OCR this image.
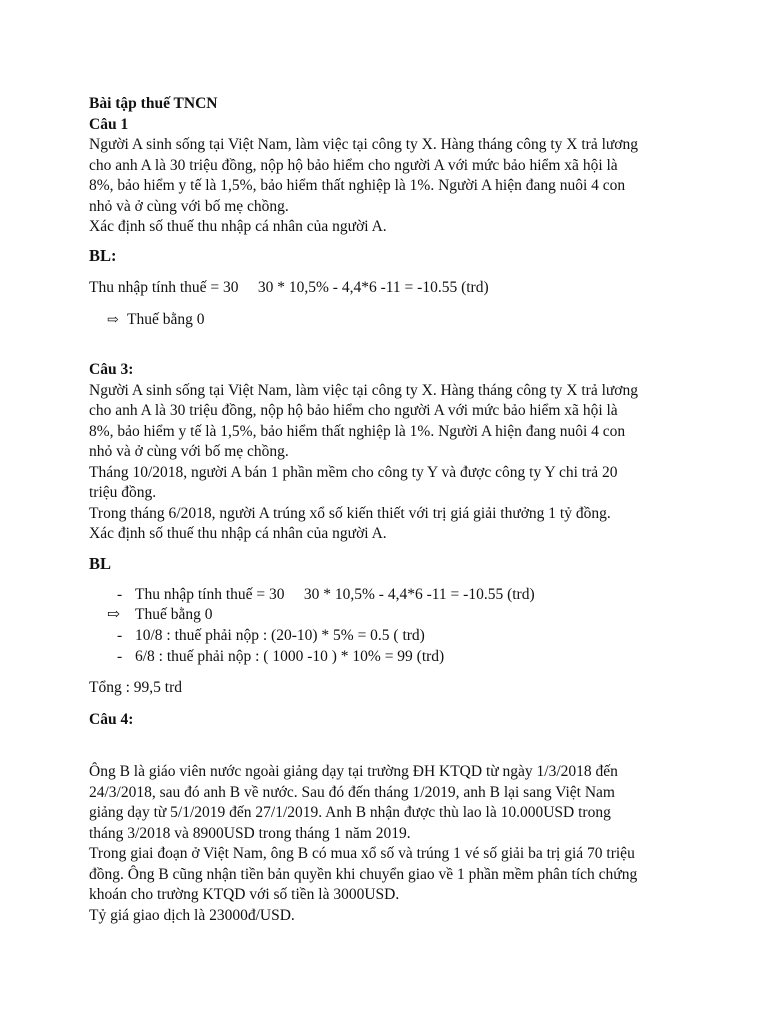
Bài tập thuế TNCN
Câu 1
Người A sinh sống tại Việt Nam, làm việc tại công ty X. Hàng tháng công ty X trả lương
cho anh A là 30 triệu đồng, nộp hộ bảo hiểm cho người A với mức bảo hiểm xã hội là
8%, bảo hiểm y tế là 1,5%, bảo hiểm thất nghiệp là 1%. Người A hiện đang nuôi 4 con
nhỏ và ở cùng với bố mẹ chồng.
Xác định số thuế thu nhập cá nhân của người A.
BL:
Thu nhập tính thuế = 30     30 * 10,5% - 4,4*6 -11 = -10.55 (trd)
⇨ Thuế bằng 0
Câu 3:
Người A sinh sống tại Việt Nam, làm việc tại công ty X. Hàng tháng công ty X trả lương
cho anh A là 30 triệu đồng, nộp hộ bảo hiểm cho người A với mức bảo hiểm xã hội là
8%, bảo hiểm y tế là 1,5%, bảo hiểm thất nghiệp là 1%. Người A hiện đang nuôi 4 con
nhỏ và ở cùng với bố mẹ chồng.
Tháng 10/2018, người A bán 1 phần mềm cho công ty Y và được công ty Y chi trả 20
triệu đồng.
Trong tháng 6/2018, người A trúng xổ số kiến thiết với trị giá giải thưởng 1 tỷ đồng.
Xác định số thuế thu nhập cá nhân của người A.
BL
- Thu nhập tính thuế = 30     30 * 10,5% - 4,4*6 -11 = -10.55 (trd)
⇨ Thuế bằng 0
- 10/8 : thuế phải nộp : (20-10) * 5% = 0.5 ( trd)
- 6/8 : thuế phải nộp : ( 1000 -10 ) * 10% = 99 (trd)
Tổng : 99,5 trd
Câu 4:
Ông B là giáo viên nước ngoài giảng dạy tại trường ĐH KTQD từ ngày 1/3/2018 đến
24/3/2018, sau đó anh B về nước. Sau đó đến tháng 1/2019, anh B lại sang Việt Nam
giảng dạy từ 5/1/2019 đến 27/1/2019. Anh B nhận được thù lao là 10.000USD trong
tháng 3/2018 và 8900USD trong tháng 1 năm 2019.
Trong giai đoạn ở Việt Nam, ông B có mua xổ số và trúng 1 vé số giải ba trị giá 70 triệu
đồng. Ông B cũng nhận tiền bản quyền khi chuyển giao về 1 phần mềm phân tích chứng
khoán cho trường KTQD với số tiền là 3000USD.
Tỷ giá giao dịch là 23000đ/USD.
